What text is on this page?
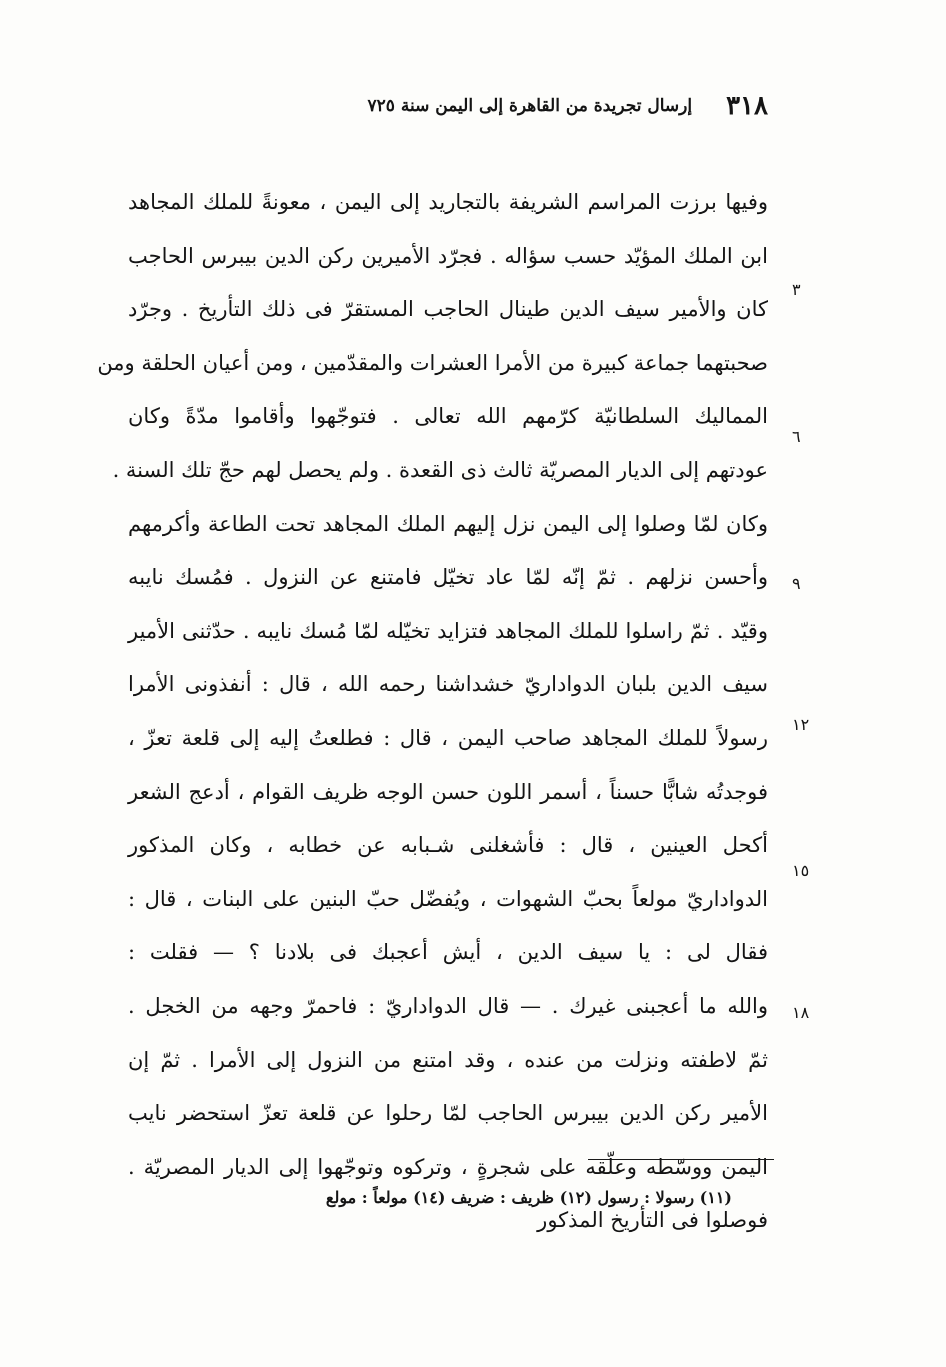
٣١٨
إرسال تجريدة من القاهرة إلى اليمن سنة ٧٢٥
وفيها برزت المراسم الشريفة بالتجاريد إلى اليمن ، معونةً للملك المجاهد
ابن الملك المؤيّد حسب سؤاله . فجرّد الأميرين ركن الدين بيبرس الحاجب
كان والأمير سيف الدين طينال الحاجب المستقرّ فى ذلك التأريخ . وجرّد
صحبتهما جماعة كبيرة من الأمرا العشرات والمقدّمين ، ومن أعيان الحلقة ومن
المماليك السلطانيّة كرّمهم الله تعالى . فتوجّهوا وأقاموا مدّةً وكان
عودتهم إلى الديار المصريّة ثالث ذى القعدة . ولم يحصل لهم حجّ تلك السنة .
وكان لمّا وصلوا إلى اليمن نزل إليهم الملك المجاهد تحت الطاعة وأكرمهم
وأحسن نزلهم . ثمّ إنّه لمّا عاد تخيّل فامتنع عن النزول . فمُسك نايبه
وقيّد . ثمّ راسلوا للملك المجاهد فتزايد تخيّله لمّا مُسك نايبه . حدّثنى الأمير
سيف الدين بلبان الدواداريّ خشداشنا رحمه الله ، قال : أنفذونى الأمرا
رسولاً للملك المجاهد صاحب اليمن ، قال : فطلعتُ إليه إلى قلعة تعزّ ،
فوجدتُه شابًّا حسناً ، أسمر اللون حسن الوجه ظريف القوام ، أدعج الشعر
أكحل العينين ، قال : فأشغلنى شـبابه عن خطابه ، وكان المذكور
الدواداريّ مولعاً بحبّ الشهوات ، ويُفضّل حبّ البنين على البنات ، قال :
فقال لى : يا سيف الدين ، أيش أعجبك فى بلادنا ؟ — فقلت :
والله ما أعجبنى غيرك . — قال الدواداريّ : فاحمرّ وجهه من الخجل .
ثمّ لاطفته ونزلت من عنده ، وقد امتنع من النزول إلى الأمرا . ثمّ إن
الأمير ركن الدين بيبرس الحاجب لمّا رحلوا عن قلعة تعزّ استحضر نايب
اليمن ووسّطه وعلّقه على شجرةٍ ، وتركوه وتوجّهوا إلى الديار المصريّة .
فوصلوا فى التأريخ المذكور
٣
٦
٩
١٢
١٥
١٨
(١١) رسولا : رسول (١٢) ظريف : ضريف (١٤) مولعاً : مولع
